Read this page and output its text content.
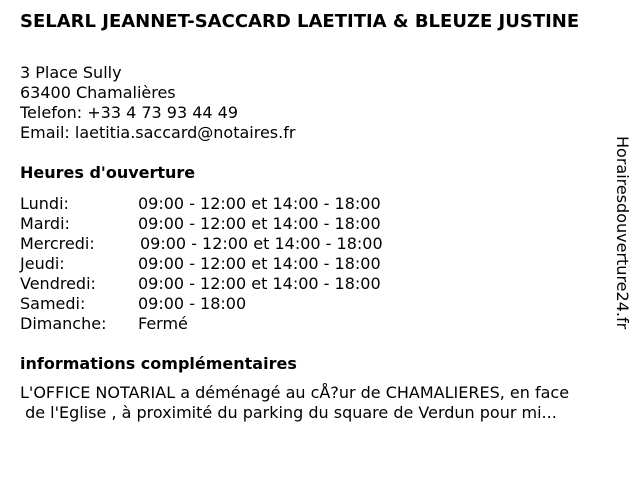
SELARL JEANNET-SACCARD LAETITIA & BLEUZE JUSTINE
3 Place Sully
63400 Chamalières
Telefon: +33 4 73 93 44 49
Email: laetitia.saccard@notaires.fr
Heures d'ouverture
Lundi:	09:00 - 12:00 et 14:00 - 18:00
Mardi:	09:00 - 12:00 et 14:00 - 18:00
Mercredi:	09:00 - 12:00 et 14:00 - 18:00
Jeudi:	09:00 - 12:00 et 14:00 - 18:00
Vendredi:	09:00 - 12:00 et 14:00 - 18:00
Samedi:	09:00 - 18:00
Dimanche: Fermé
informations complémentaires
L'OFFICE NOTARIAL a déménagé au cÅ?ur de CHAMALIERES, en face
de l'Eglise , à proximité du parking du square de Verdun pour mi...
Horairesdouverture24.fr
